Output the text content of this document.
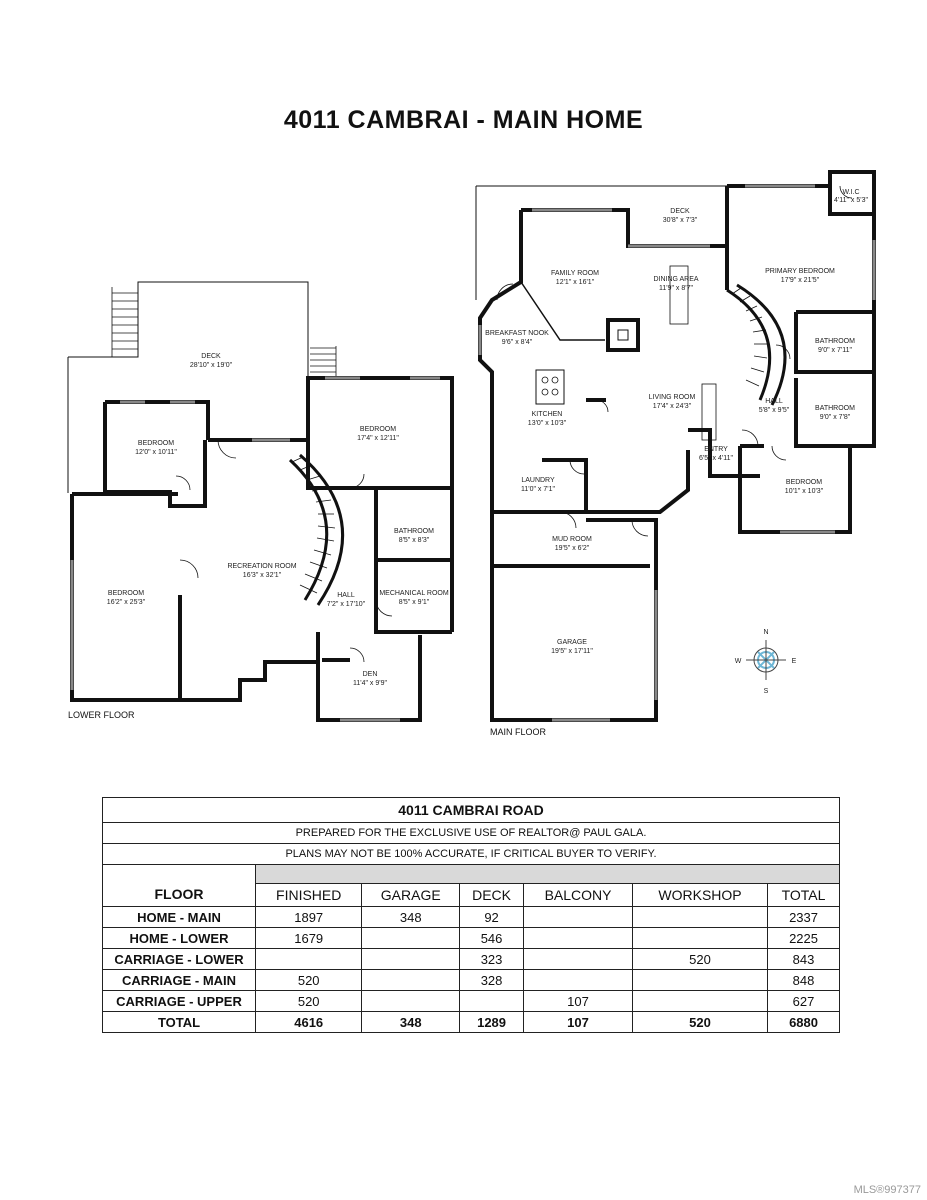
4011 CAMBRAI - MAIN HOME
DECK
28'10" x 19'0"
BEDROOM
12'0" x 10'11"
BEDROOM
17'4" x 12'11"
BEDROOM
16'2" x 25'3"
RECREATION ROOM
16'3" x 32'1"
BATHROOM
8'5" x 8'3"
MECHANICAL ROOM
8'5" x 9'1"
HALL
7'2" x 17'10"
DEN
11'4" x 9'9"
LOWER FLOOR
W.I.C
4'11" x 5'3"
DECK
30'8" x 7'3"
FAMILY ROOM
12'1" x 16'1"	DINING AREA
11'9" x 8'7"
PRIMARY BEDROOM
17'9" x 21'5"
BREAKFAST NOOK
9'6" x 8'4"	BATHROOM
9'0" x 7'11"
KITCHEN
13'0" x 10'3"
LIVING ROOM
17'4" x 24'3"
HALL
5'8" x 9'5"	BATHROOM
9'0" x 7'8"
ENTRY
6'5" x 4'11"
LAUNDRY
11'0" x 7'1"
BEDROOM
10'1" x 10'3"
MUD ROOM
19'5" x 6'2"
GARAGE
19'5" x 17'11"
MAIN FLOOR
N
E
S
W
4011 CAMBRAI ROAD						
PREPARED FOR THE EXCLUSIVE USE OF REALTOR@ PAUL GALA.						
PLANS MAY NOT BE 100% ACCURATE, IF CRITICAL BUYER TO VERIFY.						
FLOOR						
	FINISHED	GARAGE	DECK	BALCONY	WORKSHOP	TOTAL
HOME - MAIN	1897	348	92			2337
HOME - LOWER	1679		546			2225
CARRIAGE - LOWER			323		520	843
CARRIAGE - MAIN	520		328			848
CARRIAGE - UPPER	520			107		627
TOTAL	4616	348	1289	107	520	6880
MLS®997377
